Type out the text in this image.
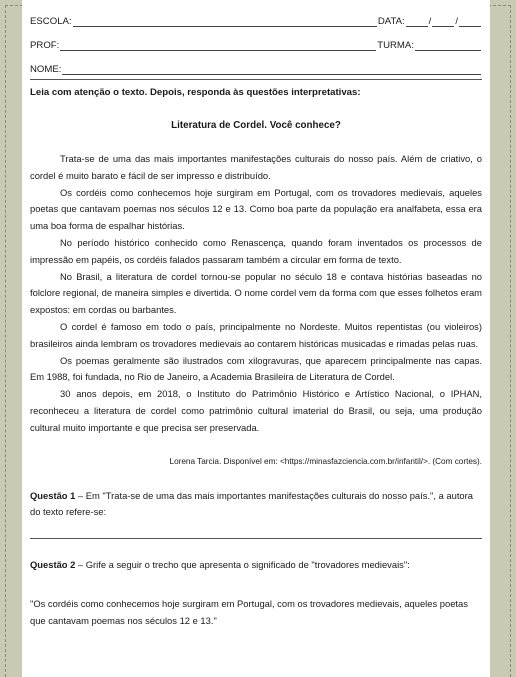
ESCOLA:	DATA:	/	/
PROF:	TURMA:
NOME:

Leia com atenção o texto. Depois, responda às questões interpretativas:

Literatura de Cordel. Você conhece?

Trata-se de uma das mais importantes manifestações culturais do nosso país. Além de criativo, o cordel é muito barato e fácil de ser impresso e distribuído.

Os cordéis como conhecemos hoje surgiram em Portugal, com os trovadores medievais, aqueles poetas que cantavam poemas nos séculos 12 e 13. Como boa parte da população era analfabeta, essa era uma boa forma de espalhar histórias.

No período histórico conhecido como Renascença, quando foram inventados os processos de impressão em papéis, os cordéis falados passaram também a circular em forma de texto.

No Brasil, a literatura de cordel tornou-se popular no século 18 e contava histórias baseadas no folclore regional, de maneira simples e divertida. O nome cordel vem da forma com que esses folhetos eram expostos: em cordas ou barbantes.

O cordel é famoso em todo o país, principalmente no Nordeste. Muitos repentistas (ou violeiros) brasileiros ainda lembram os trovadores medievais ao contarem históricas musicadas e rimadas pelas ruas.

Os poemas geralmente são ilustrados com xilogravuras, que aparecem principalmente nas capas. Em 1988, foi fundada, no Rio de Janeiro, a Academia Brasileira de Literatura de Cordel.

30 anos depois, em 2018, o Instituto do Patrimônio Histórico e Artístico Nacional, o IPHAN, reconheceu a literatura de cordel como patrimônio cultural imaterial do Brasil, ou seja, uma produção cultural muito importante e que precisa ser preservada.

Lorena Tarcia. Disponível em: <https://minasfazciencia.com.br/infantil/>. (Com cortes).

Questão 1 – Em "Trata-se de uma das mais importantes manifestações culturais do nosso país.", a autora do texto refere-se:

Questão 2 – Grife a seguir o trecho que apresenta o significado de "trovadores medievais":

"Os cordéis como conhecemos hoje surgiram em Portugal, com os trovadores medievais, aqueles poetas que cantavam poemas nos séculos 12 e 13."
